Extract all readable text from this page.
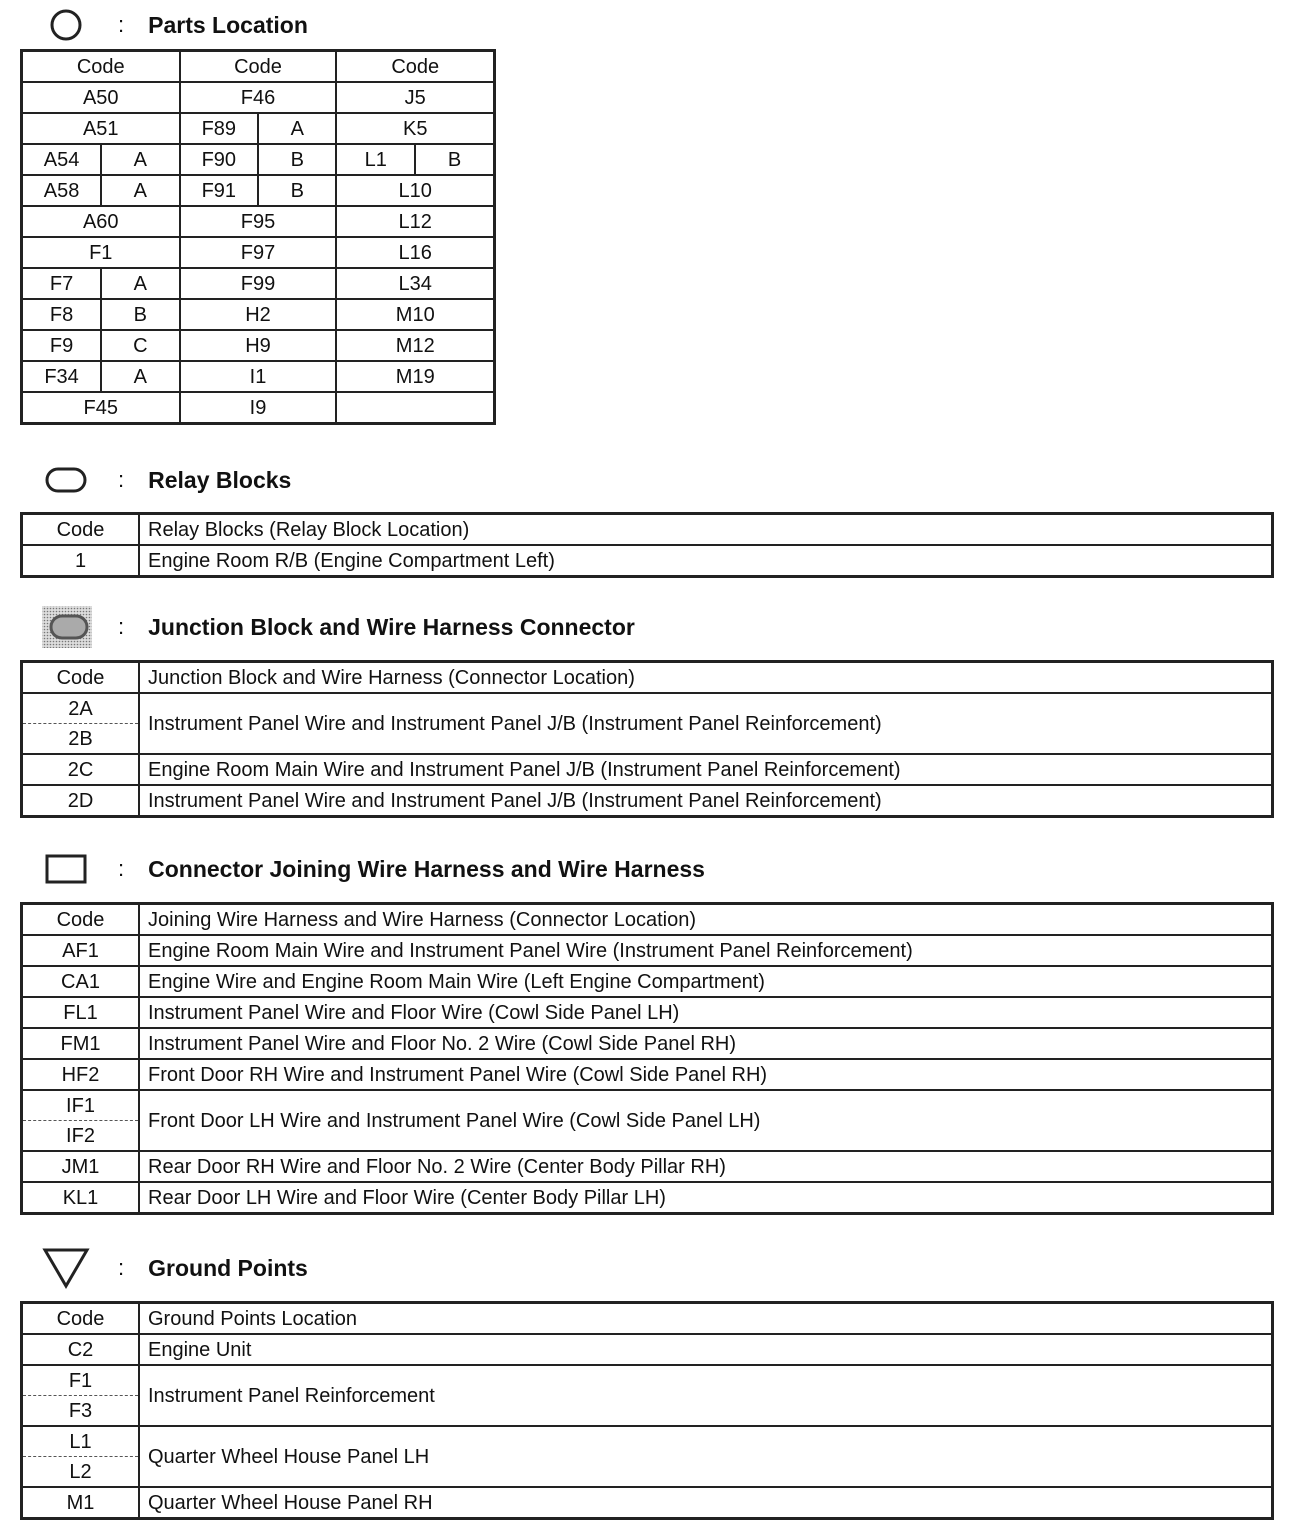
: Parts Location
Code		Code		Code	
A50		F46		J5	
A51		F89	A	K5	
A54	A	F90	B	L1	B
A58	A	F91	B	L10	
A60		F95		L12	
F1		F97		L16	
F7	A	F99		L34	
F8	B	H2		M10	
F9	C	H9		M12	
F34	A	I1		M19	
F45		I9			
: Relay Blocks
Code	Relay Blocks (Relay Block Location)
1	Engine Room R/B (Engine Compartment Left)
: Junction Block and Wire Harness Connector
Code	Junction Block and Wire Harness (Connector Location)
2A	Instrument Panel Wire and Instrument Panel J/B (Instrument Panel Reinforcement)
2B	
2C	Engine Room Main Wire and Instrument Panel J/B (Instrument Panel Reinforcement)
2D	Instrument Panel Wire and Instrument Panel J/B (Instrument Panel Reinforcement)
: Connector Joining Wire Harness and Wire Harness
Code	Joining Wire Harness and Wire Harness (Connector Location)
AF1	Engine Room Main Wire and Instrument Panel Wire (Instrument Panel Reinforcement)
CA1	Engine Wire and Engine Room Main Wire (Left Engine Compartment)
FL1	Instrument Panel Wire and Floor Wire (Cowl Side Panel LH)
FM1	Instrument Panel Wire and Floor No. 2 Wire (Cowl Side Panel RH)
HF2	Front Door RH Wire and Instrument Panel Wire (Cowl Side Panel RH)
IF1	Front Door LH Wire and Instrument Panel Wire (Cowl Side Panel LH)
IF2	
JM1	Rear Door RH Wire and Floor No. 2 Wire (Center Body Pillar RH)
KL1	Rear Door LH Wire and Floor Wire (Center Body Pillar LH)
: Ground Points
Code	Ground Points Location
C2	Engine Unit
F1	Instrument Panel Reinforcement
F3	
L1	Quarter Wheel House Panel LH
L2	
M1	Quarter Wheel House Panel RH
